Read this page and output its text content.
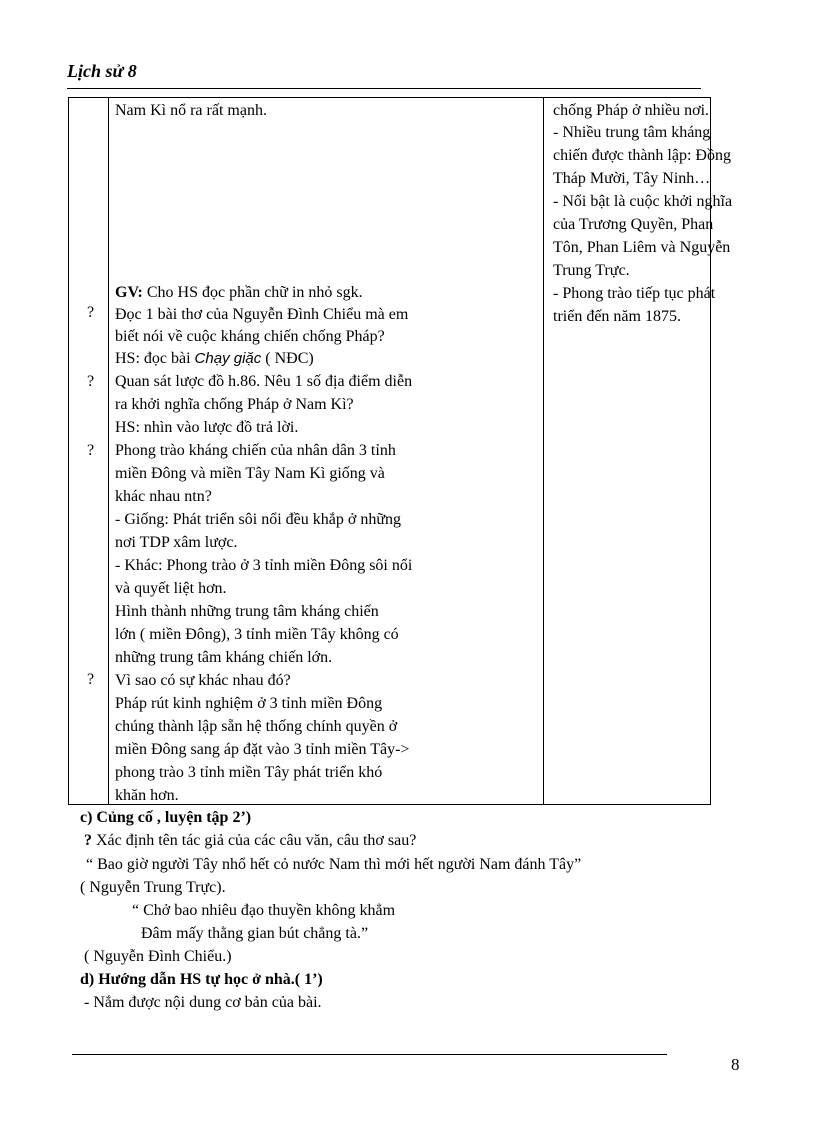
Lịch sử 8
?
?
?
?
Nam Kì nổ ra rất mạnh.
GV: Cho HS đọc phần chữ in nhỏ sgk.
Đọc 1 bài thơ của Nguyễn Đình Chiểu mà em
biết nói về cuộc kháng chiến chống Pháp?
HS: đọc bài Chạy giặc ( NĐC)
Quan sát lược đồ h.86. Nêu 1 số địa điểm diễn
ra khởi nghĩa chống Pháp ở Nam Kì?
HS: nhìn vào lược đồ trả lời.
Phong trào kháng chiến của nhân dân 3 tỉnh
miền Đông và miền Tây Nam Kì giống và
khác nhau ntn?
- Giống: Phát triển sôi nổi đều khắp ở những
nơi TDP xâm lược.
- Khác: Phong trào ở 3 tỉnh miền Đông sôi nổi
và quyết liệt hơn.
Hình thành những trung tâm kháng chiến
lớn ( miền Đông), 3 tỉnh miền Tây không có
những trung tâm kháng chiến lớn.
Vì sao có sự khác nhau đó?
Pháp rút kinh nghiệm ở 3 tỉnh miền Đông
chúng thành lập sẵn hệ thống chính quyền ở
miền Đông sang áp đặt vào 3 tỉnh miền Tây->
phong trào 3 tỉnh miền Tây phát triển khó
khăn hơn.
chống Pháp ở nhiều nơi.
- Nhiều trung tâm kháng
chiến được thành lập: Đồng
Tháp Mười, Tây Ninh…
- Nổi bật là cuộc khởi nghĩa
của Trương Quyền, Phan
Tôn, Phan Liêm và Nguyễn
Trung Trực.
- Phong trào tiếp tục phát
triển đến năm 1875.
c) Củng cố , luyện tập 2’)
? Xác định tên tác giả của các câu văn, câu thơ sau?
“ Bao giờ người Tây nhổ hết cỏ nước Nam thì mới hết người Nam đánh Tây”
( Nguyễn Trung Trực).
“ Chở bao nhiêu đạo thuyền không khẳm
Đâm mấy thằng gian bút chẳng tà.”
( Nguyễn Đình Chiểu.)
d) Hướng dẫn HS tự học ở nhà.( 1’)
- Nắm được nội dung cơ bản của bài.
8
